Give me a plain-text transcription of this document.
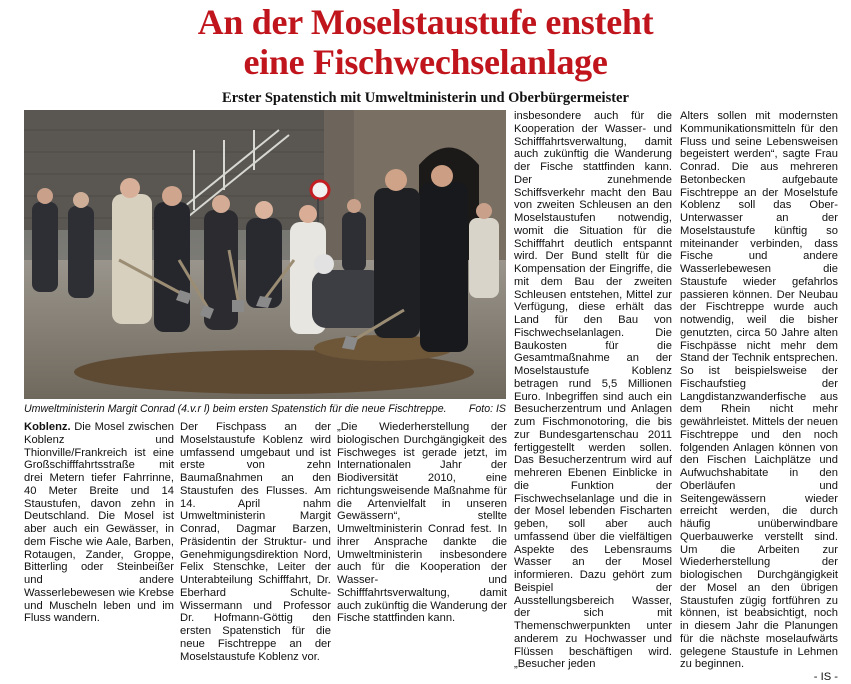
An der Moselstaustufe ensteht
eine Fischwechselanlage
Erster Spatenstich mit Umweltministerin und Oberbürgermeister
Umweltministerin Margit Conrad (4.v.r l) beim ersten Spatenstich für die neue Fischtreppe. Foto: IS

Koblenz. Die Mosel zwischen Koblenz und Thionville/Frankreich ist eine Großschifffahrtsstraße mit drei Metern tiefer Fahrrinne, 40 Meter Breite und 14 Staustufen, davon zehn in Deutschland. Die Mosel ist aber auch ein Gewässer, in dem Fische wie Aale, Barben, Rotaugen, Zander, Groppe, Bitterling oder Steinbeißer und andere Wasserlebewesen wie Krebse und Muscheln leben und im Fluss wandern.

Der Fischpass an der Moselstaustufe Koblenz wird umfassend umgebaut und ist erste von zehn Baumaßnahmen an den Staustufen des Flusses. Am 14. April nahm Umweltministerin Margit Conrad, Dagmar Barzen, Präsidentin der Struktur- und Genehmigungsdirektion Nord, Felix Stenschke, Leiter der Unterabteilung Schifffahrt, Dr. Eberhard Schulte-Wissermann und Professor Dr. Hofmann-Göttig den ersten Spatenstich für die neue Fischtreppe an der Moselstaustufe Koblenz vor.

„Die Wiederherstellung der biologischen Durchgängigkeit des Fischweges ist gerade jetzt, im Internationalen Jahr der Biodiversität 2010, eine richtungsweisende Maßnahme für die Artenvielfalt in unseren Gewässern“, stellte Umweltministerin Conrad fest. In ihrer Ansprache dankte die Umweltministerin insbesondere auch für die Kooperation der Wasser- und Schifffahrtsverwaltung, damit auch zukünftig die Wanderung der Fische stattfinden kann.

insbesondere auch für die Kooperation der Wasser- und Schifffahrtsverwaltung, damit auch zukünftig die Wanderung der Fische stattfinden kann. Der zunehmende Schiffsverkehr macht den Bau von zweiten Schleusen an den Moselstaustufen notwendig, womit die Situation für die Schifffahrt deutlich entspannt wird. Der Bund stellt für die Kompensation der Eingriffe, die mit dem Bau der zweiten Schleusen entstehen, Mittel zur Verfügung, diese erhält das Land für den Bau von Fischwechselanlagen. Die Baukosten für die Gesamtmaßnahme an der Moselstaustufe Koblenz betragen rund 5,5 Millionen Euro. Inbegriffen sind auch ein Besucherzentrum und Anlagen zum Fischmonotoring, die bis zur Bundesgartenschau 2011 fertiggestellt werden sollen. Das Besucherzentrum wird auf mehreren Ebenen Einblicke in die Funktion der Fischwechselanlage und die in der Mosel lebenden Fischarten geben, soll aber auch umfassend über die vielfältigen Aspekte des Lebensraums Wasser an der Mosel informieren. Dazu gehört zum Beispiel der Ausstellungsbereich Wasser, der sich mit Themenschwerpunkten unter anderem zu Hochwasser und Flüssen beschäftigen wird. „Besucher jeden

Alters sollen mit modernsten Kommunikationsmitteln für den Fluss und seine Lebensweisen begeistert werden“, sagte Frau Conrad. Die aus mehreren Betonbecken aufgebaute Fischtreppe an der Moselstufe Koblenz soll das Ober- Unterwasser an der Moselstaustufe künftig so miteinander verbinden, dass Fische und andere Wasserlebewesen die Staustufe wieder gefahrlos passieren können. Der Neubau der Fischtreppe wurde auch notwendig, weil die bisher genutzten, circa 50 Jahre alten Fischpässe nicht mehr dem Stand der Technik entsprechen. So ist beispielsweise der Fischaufstieg der Langdistanzwanderfische aus dem Rhein nicht mehr gewährleistet. Mittels der neuen Fischtreppe und den noch folgenden Anlagen können von den Fischen Laichplätze und Aufwuchshabitate in den Oberläufen und Seitengewässern wieder erreicht werden, die durch häufig unüberwindbare Querbauwerke verstellt sind. Um die Arbeiten zur Wiederherstellung der biologischen Durchgängigkeit der Mosel an den übrigen Staustufen zügig fortführen zu können, ist beabsichtigt, noch in diesem Jahr die Planungen für die nächste moselaufwärts gelegene Staustufe in Lehmen zu beginnen.

- IS -
